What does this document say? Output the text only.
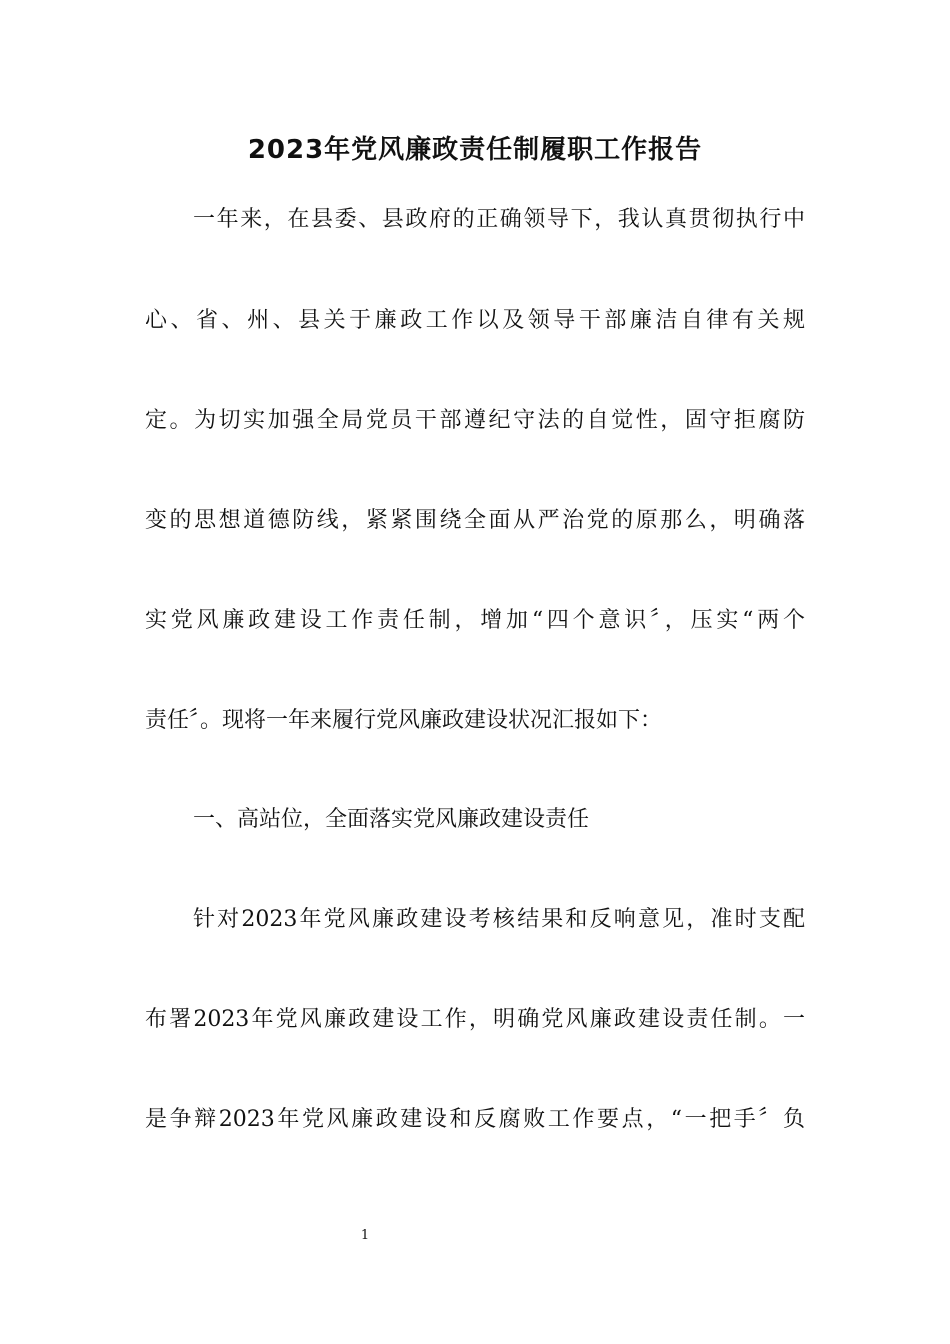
2023年党风廉政责任制履职工作报告
一年来，在县委、县政府的正确领导下，我认真贯彻执行中
心、省、州、县关于廉政工作以及领导干部廉洁自律有关规
定。为切实加强全局党员干部遵纪守法的自觉性，固守拒腐防
变的思想道德防线，紧紧围绕全面从严治党的原那么，明确落
实党风廉政建设工作责任制，增加“四个意识〞，压实“两个
责任〞。现将一年来履行党风廉政建设状况汇报如下：
一、高站位，全面落实党风廉政建设责任
针对2023年党风廉政建设考核结果和反响意见，准时支配
布署2023年党风廉政建设工作，明确党风廉政建设责任制。一
是争辩2023年党风廉政建设和反腐败工作要点，“一把手〞负
1
